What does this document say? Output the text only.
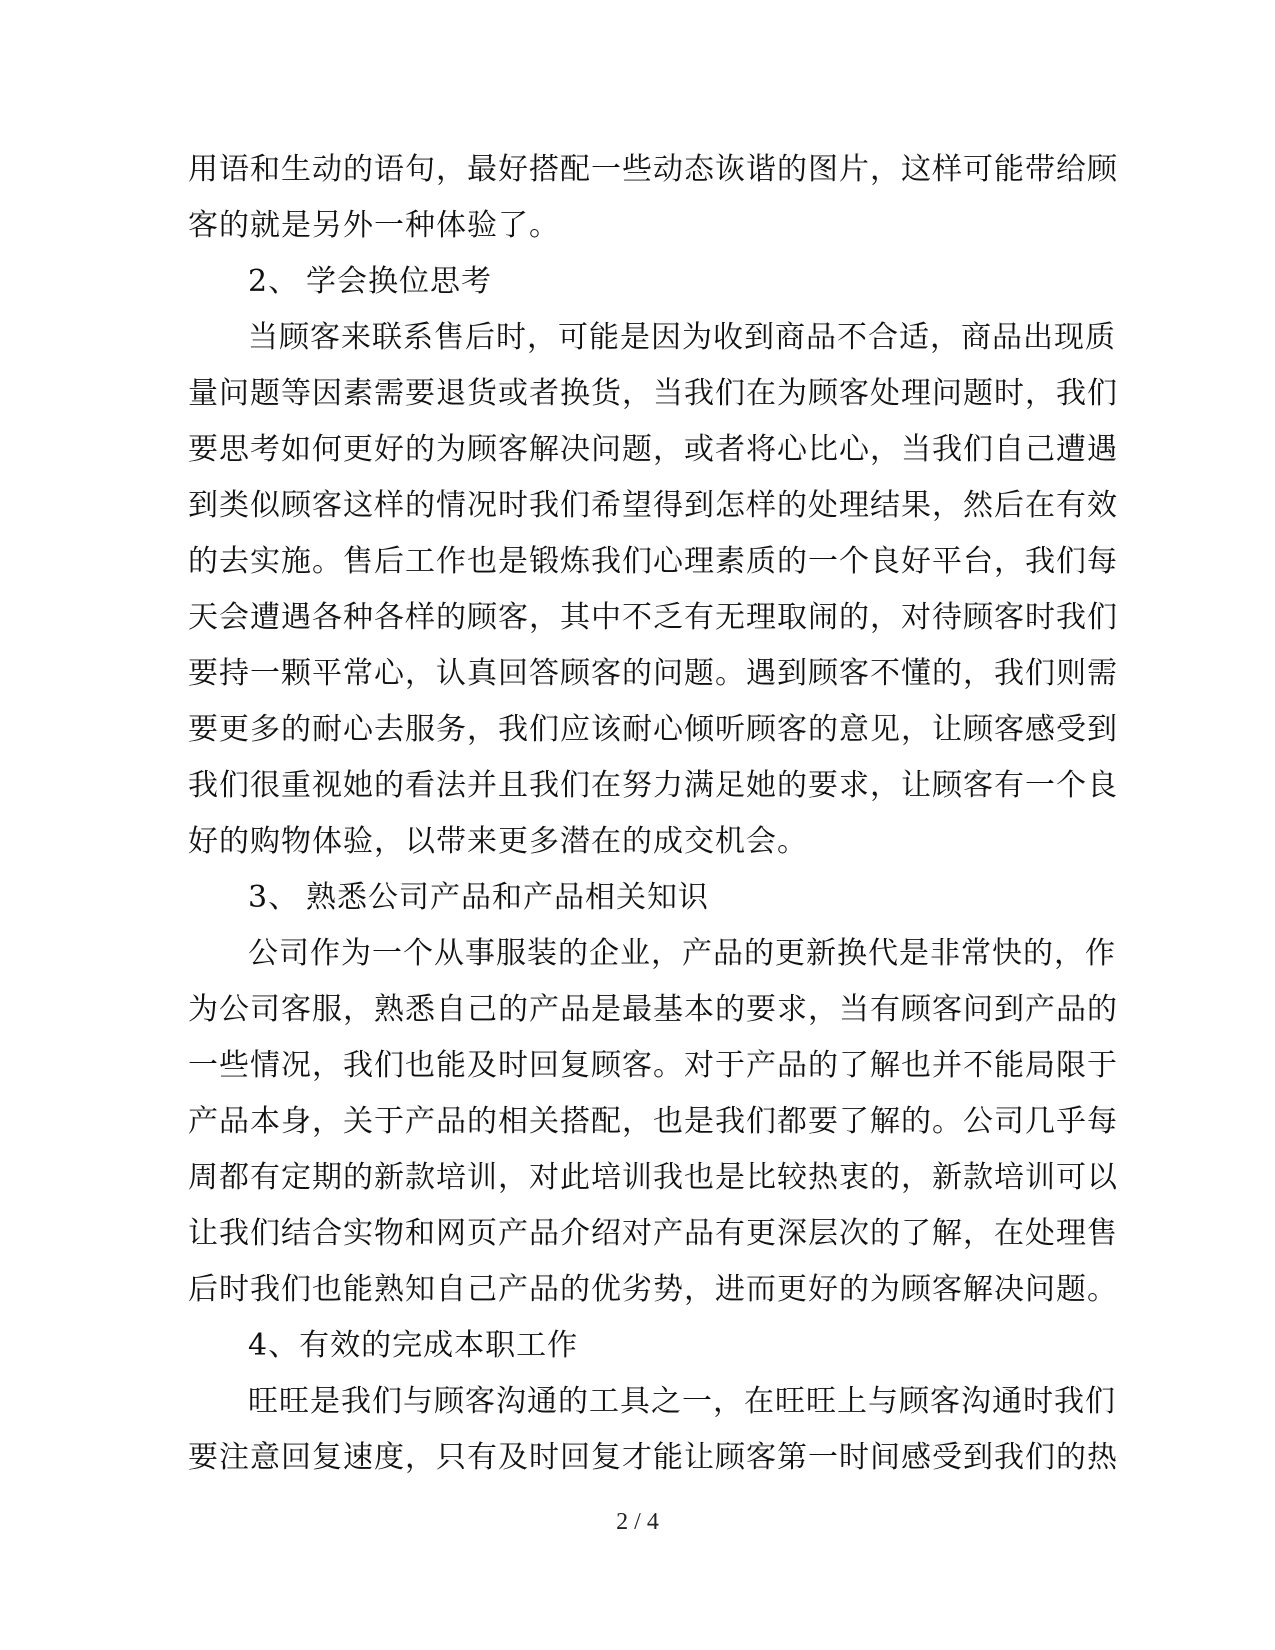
用语和生动的语句，最好搭配一些动态诙谐的图片，这样可能带给顾
客的就是另外一种体验了。
2、 学会换位思考
当顾客来联系售后时，可能是因为收到商品不合适，商品出现质
量问题等因素需要退货或者换货，当我们在为顾客处理问题时，我们
要思考如何更好的为顾客解决问题，或者将心比心，当我们自己遭遇
到类似顾客这样的情况时我们希望得到怎样的处理结果，然后在有效
的去实施。售后工作也是锻炼我们心理素质的一个良好平台，我们每
天会遭遇各种各样的顾客，其中不乏有无理取闹的，对待顾客时我们
要持一颗平常心，认真回答顾客的问题。遇到顾客不懂的，我们则需
要更多的耐心去服务，我们应该耐心倾听顾客的意见，让顾客感受到
我们很重视她的看法并且我们在努力满足她的要求，让顾客有一个良
好的购物体验，以带来更多潜在的成交机会。
3、 熟悉公司产品和产品相关知识
公司作为一个从事服装的企业，产品的更新换代是非常快的，作
为公司客服，熟悉自己的产品是最基本的要求，当有顾客问到产品的
一些情况，我们也能及时回复顾客。对于产品的了解也并不能局限于
产品本身，关于产品的相关搭配，也是我们都要了解的。公司几乎每
周都有定期的新款培训，对此培训我也是比较热衷的，新款培训可以
让我们结合实物和网页产品介绍对产品有更深层次的了解，在处理售
后时我们也能熟知自己产品的优劣势，进而更好的为顾客解决问题。
4、有效的完成本职工作
旺旺是我们与顾客沟通的工具之一，在旺旺上与顾客沟通时我们
要注意回复速度，只有及时回复才能让顾客第一时间感受到我们的热
2 / 4
